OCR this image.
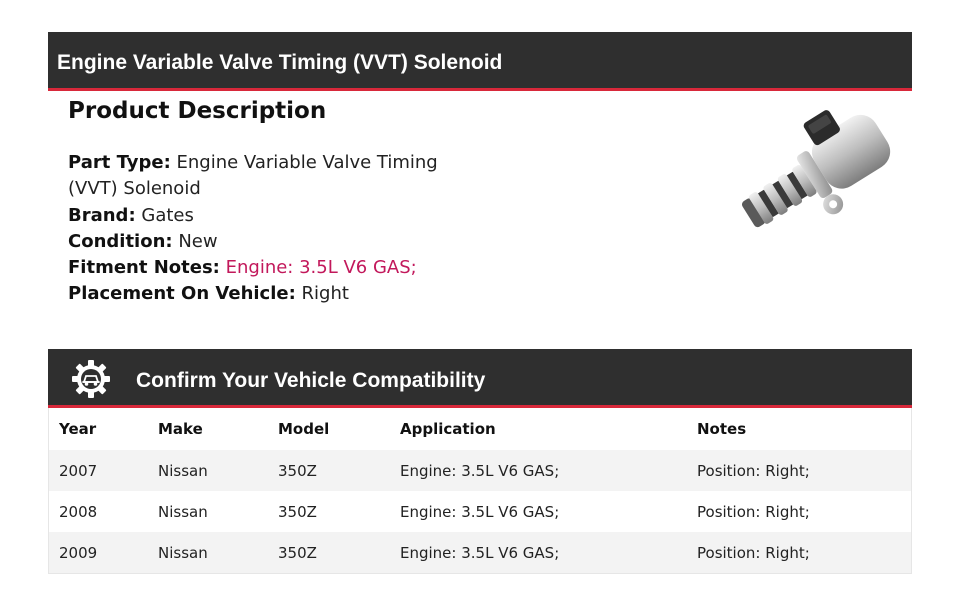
Engine Variable Valve Timing (VVT) Solenoid
Product Description
Part Type: Engine Variable Valve Timing (VVT) Solenoid
Brand: Gates
Condition: New
Fitment Notes: Engine: 3.5L V6 GAS;
Placement On Vehicle: Right
Confirm Your Vehicle Compatibility
Year	Make	Model	Application	Notes
2007	Nissan	350Z	Engine: 3.5L V6 GAS;	Position: Right;
2008	Nissan	350Z	Engine: 3.5L V6 GAS;	Position: Right;
2009	Nissan	350Z	Engine: 3.5L V6 GAS;	Position: Right;
